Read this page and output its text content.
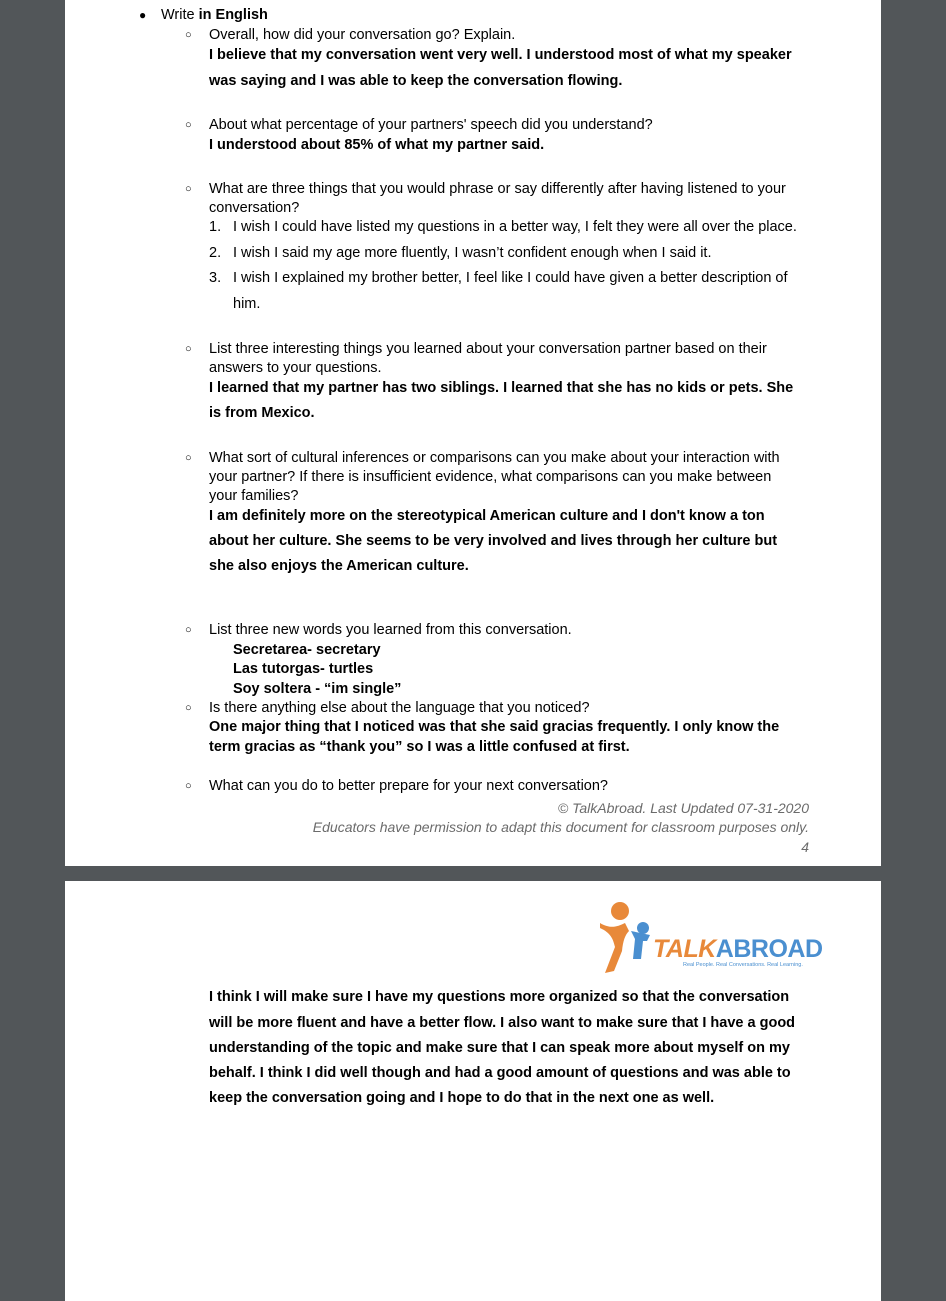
● Write in English
○ Overall, how did your conversation go? Explain.
I believe that my conversation went very well. I understood most of what my speaker
was saying and I was able to keep the conversation flowing.
○ About what percentage of your partners' speech did you understand?
I understood about 85% of what my partner said.
○ What are three things that you would phrase or say differently after having listened to your
conversation?
1. I wish I could have listed my questions in a better way, I felt they were all over the place.
2. I wish I said my age more fluently, I wasn’t confident enough when I said it.
3. I wish I explained my brother better, I feel like I could have given a better description of
him.
○ List three interesting things you learned about your conversation partner based on their
answers to your questions.
I learned that my partner has two siblings. I learned that she has no kids or pets. She
is from Mexico.
○ What sort of cultural inferences or comparisons can you make about your interaction with
your partner? If there is insufficient evidence, what comparisons can you make between
your families?
I am definitely more on the stereotypical American culture and I don't know a ton
about her culture. She seems to be very involved and lives through her culture but
she also enjoys the American culture.
○ List three new words you learned from this conversation.
Secretarea- secretary
Las tutorgas- turtles
Soy soltera - “im single”
○ Is there anything else about the language that you noticed?
One major thing that I noticed was that she said gracias frequently. I only know the
term gracias as “thank you” so I was a little confused at first.
○ What can you do to better prepare for your next conversation?
© TalkAbroad. Last Updated 07-31-2020
Educators have permission to adapt this document for classroom purposes only.
4
TALKABROAD
Real People. Real Conversations. Real Learning.
I think I will make sure I have my questions more organized so that the conversation
will be more fluent and have a better flow. I also want to make sure that I have a good
understanding of the topic and make sure that I can speak more about myself on my
behalf. I think I did well though and had a good amount of questions and was able to
keep the conversation going and I hope to do that in the next one as well.
